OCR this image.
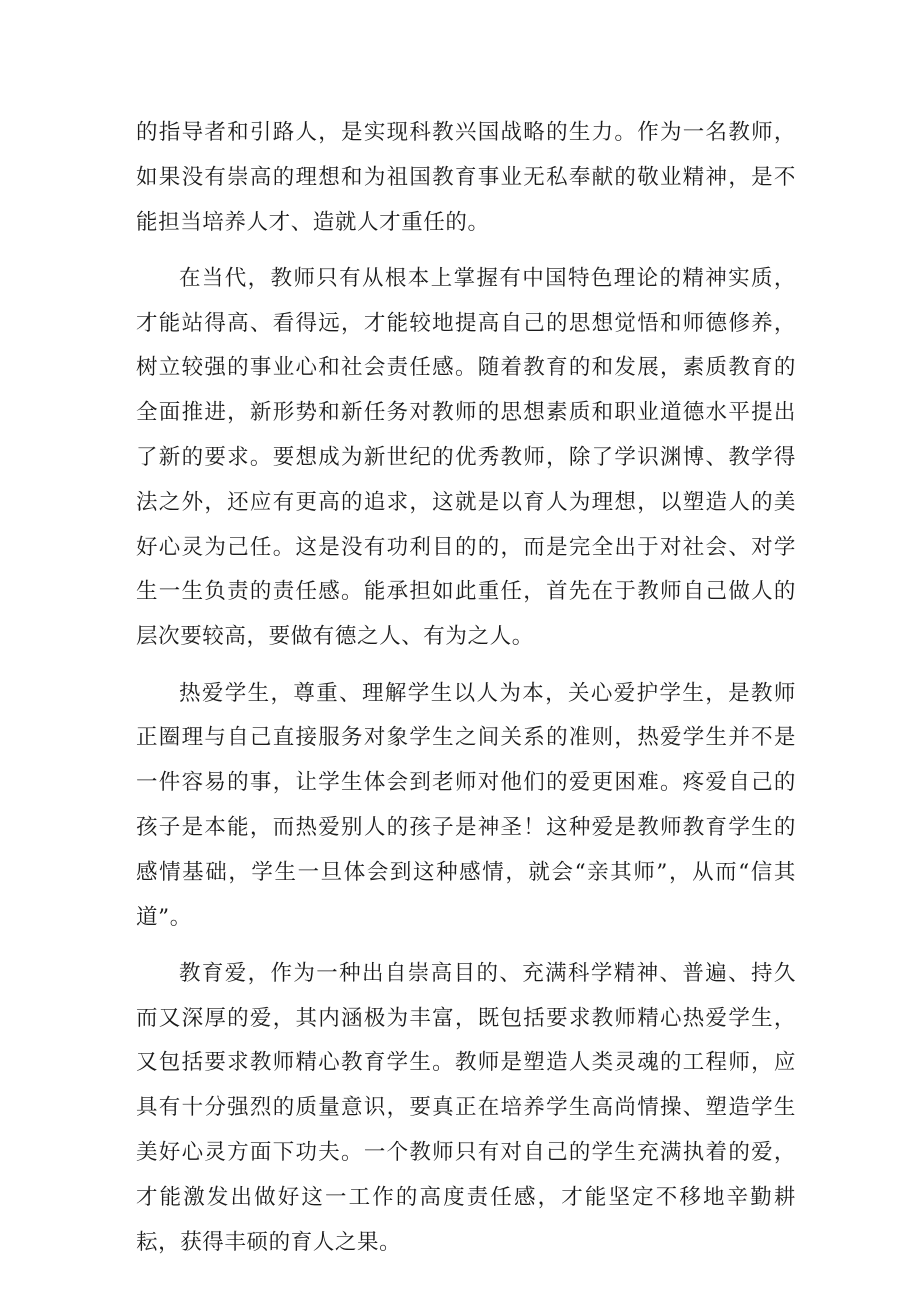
的指导者和引路人，是实现科教兴国战略的生力。作为一名教师，如果没有崇高的理想和为祖国教育事业无私奉献的敬业精神，是不能担当培养人才、造就人才重任的。

在当代，教师只有从根本上掌握有中国特色理论的精神实质，才能站得高、看得远，才能较地提高自己的思想觉悟和师德修养，树立较强的事业心和社会责任感。随着教育的和发展，素质教育的全面推进，新形势和新任务对教师的思想素质和职业道德水平提出了新的要求。要想成为新世纪的优秀教师，除了学识渊博、教学得法之外，还应有更高的追求，这就是以育人为理想，以塑造人的美好心灵为己任。这是没有功利目的的，而是完全出于对社会、对学生一生负责的责任感。能承担如此重任，首先在于教师自己做人的层次要较高，要做有德之人、有为之人。

热爱学生，尊重、理解学生以人为本，关心爱护学生，是教师正圈理与自己直接服务对象学生之间关系的准则，热爱学生并不是一件容易的事，让学生体会到老师对他们的爱更困难。疼爱自己的孩子是本能，而热爱别人的孩子是神圣！这种爱是教师教育学生的感情基础，学生一旦体会到这种感情，就会“亲其师”，从而“信其道”。

教育爱，作为一种出自崇高目的、充满科学精神、普遍、持久而又深厚的爱，其内涵极为丰富，既包括要求教师精心热爱学生，又包括要求教师精心教育学生。教师是塑造人类灵魂的工程师，应具有十分强烈的质量意识，要真正在培养学生高尚情操、塑造学生美好心灵方面下功夫。一个教师只有对自己的学生充满执着的爱，才能激发出做好这一工作的高度责任感，才能坚定不移地辛勤耕耘，获得丰硕的育人之果。
